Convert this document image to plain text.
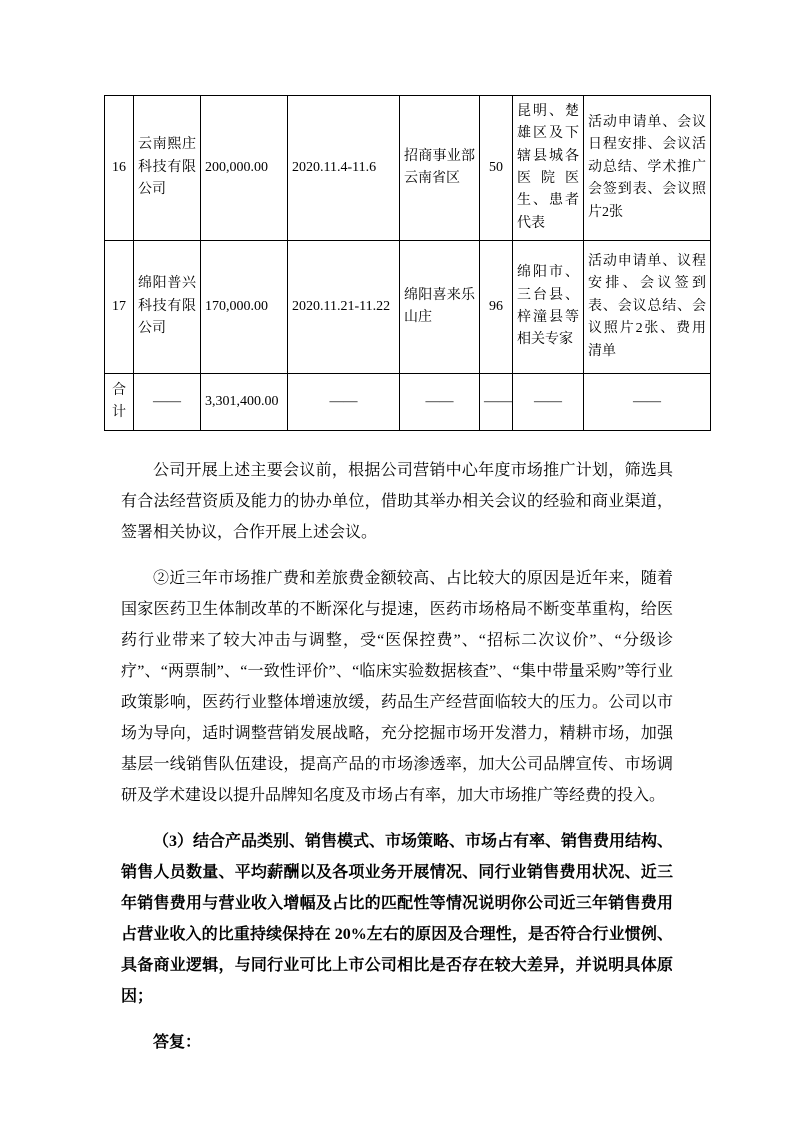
16	云南熙庄科技有限公司	200,000.00	2020.11.4-11.6	招商事业部云南省区	50	昆明、楚雄区及下辖县城各医院医生、患者代表	活动申请单、会议日程安排、会议活动总结、学术推广会签到表、会议照片2张
17	绵阳普兴科技有限公司	170,000.00	2020.11.21-11.22	绵阳喜来乐山庄	96	绵阳市、三台县、梓潼县等相关专家	活动申请单、议程安排、会议签到表、会议总结、会议照片2张、费用清单
合计	——	3,301,400.00	——	——	——	——	——

公司开展上述主要会议前，根据公司营销中心年度市场推广计划，筛选具有合法经营资质及能力的协办单位，借助其举办相关会议的经验和商业渠道，签署相关协议，合作开展上述会议。

②近三年市场推广费和差旅费金额较高、占比较大的原因是近年来，随着国家医药卫生体制改革的不断深化与提速，医药市场格局不断变革重构，给医药行业带来了较大冲击与调整，受“医保控费”、“招标二次议价”、“分级诊疗”、“两票制”、“一致性评价”、“临床实验数据核查”、“集中带量采购”等行业政策影响，医药行业整体增速放缓，药品生产经营面临较大的压力。公司以市场为导向，适时调整营销发展战略，充分挖掘市场开发潜力，精耕市场，加强基层一线销售队伍建设，提高产品的市场渗透率，加大公司品牌宣传、市场调研及学术建设以提升品牌知名度及市场占有率，加大市场推广等经费的投入。

（3）结合产品类别、销售模式、市场策略、市场占有率、销售费用结构、销售人员数量、平均薪酬以及各项业务开展情况、同行业销售费用状况、近三年销售费用与营业收入增幅及占比的匹配性等情况说明你公司近三年销售费用占营业收入的比重持续保持在 20%左右的原因及合理性，是否符合行业惯例、具备商业逻辑，与同行业可比上市公司相比是否存在较大差异，并说明具体原因；

答复：
